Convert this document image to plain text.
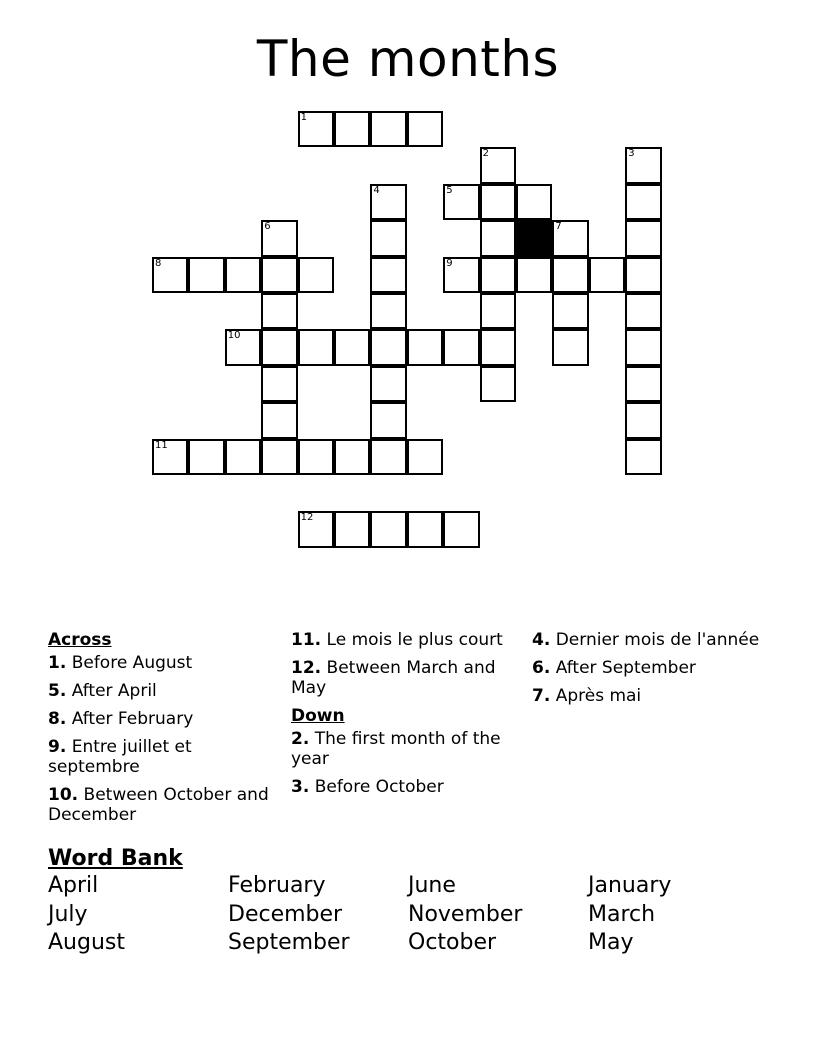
The months
1
2	3
4	5
6	7
8	9
10
11
12
Across
1. Before August
5. After April
8. After February
9. Entre juillet et septembre
10. Between October and December
11. Le mois le plus court
12. Between March and May
Down
2. The first month of the year
3. Before October
4. Dernier mois de l'année
6. After September
7. Après mai
Word Bank
April	February	June	January
July	December	November	March
August	September	October	May
